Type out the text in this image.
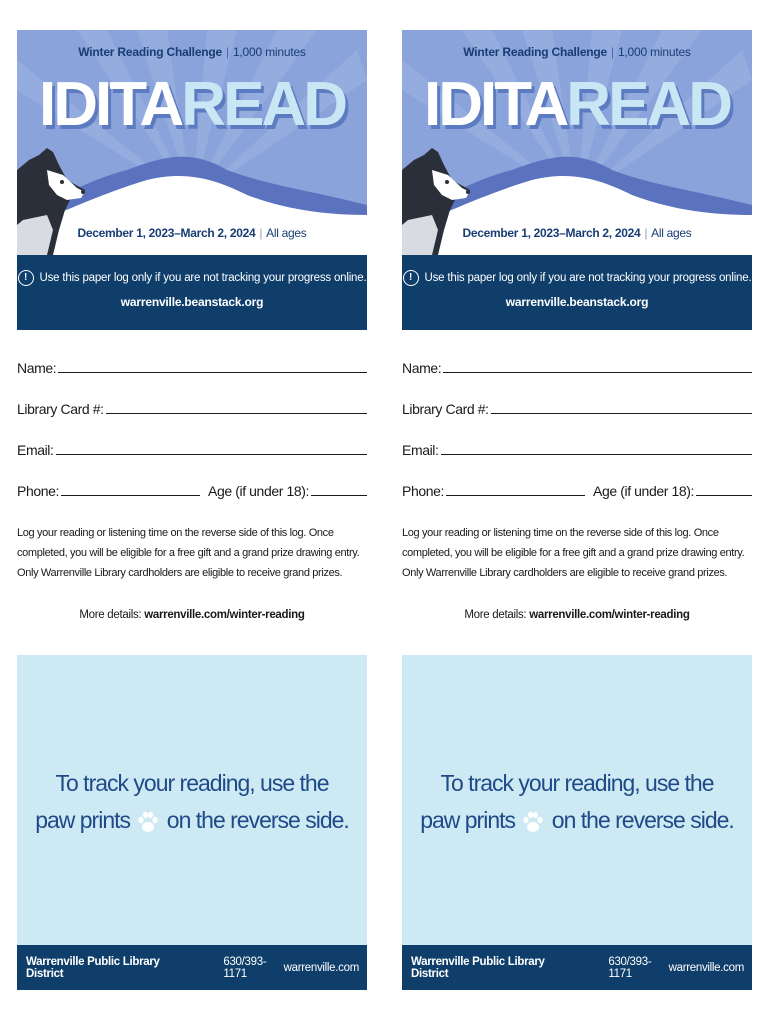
Winter Reading Challenge | 1,000 minutes
IDITAREAD
December 1, 2023–March 2, 2024 | All ages
!	Use this paper log only if you are not tracking your progress online.
warrenville.beanstack.org
Name:
Library Card #:
Email:
Phone:	Age (if under 18):
Log your reading or listening time on the reverse side of this log. Once completed, you will be eligible for a free gift and a grand prize drawing entry. Only Warrenville Library cardholders are eligible to receive grand prizes.
More details: warrenville.com/winter-reading
To track your reading, use the
paw prints on the reverse side.
Warrenville Public Library District
630/393-1171	warrenville.com
Winter Reading Challenge | 1,000 minutes
IDITAREAD
December 1, 2023–March 2, 2024 | All ages
!	Use this paper log only if you are not tracking your progress online.
warrenville.beanstack.org
Name:
Library Card #:
Email:
Phone:	Age (if under 18):
Log your reading or listening time on the reverse side of this log. Once completed, you will be eligible for a free gift and a grand prize drawing entry. Only Warrenville Library cardholders are eligible to receive grand prizes.
More details: warrenville.com/winter-reading
To track your reading, use the
paw prints on the reverse side.
Warrenville Public Library District
630/393-1171	warrenville.com
